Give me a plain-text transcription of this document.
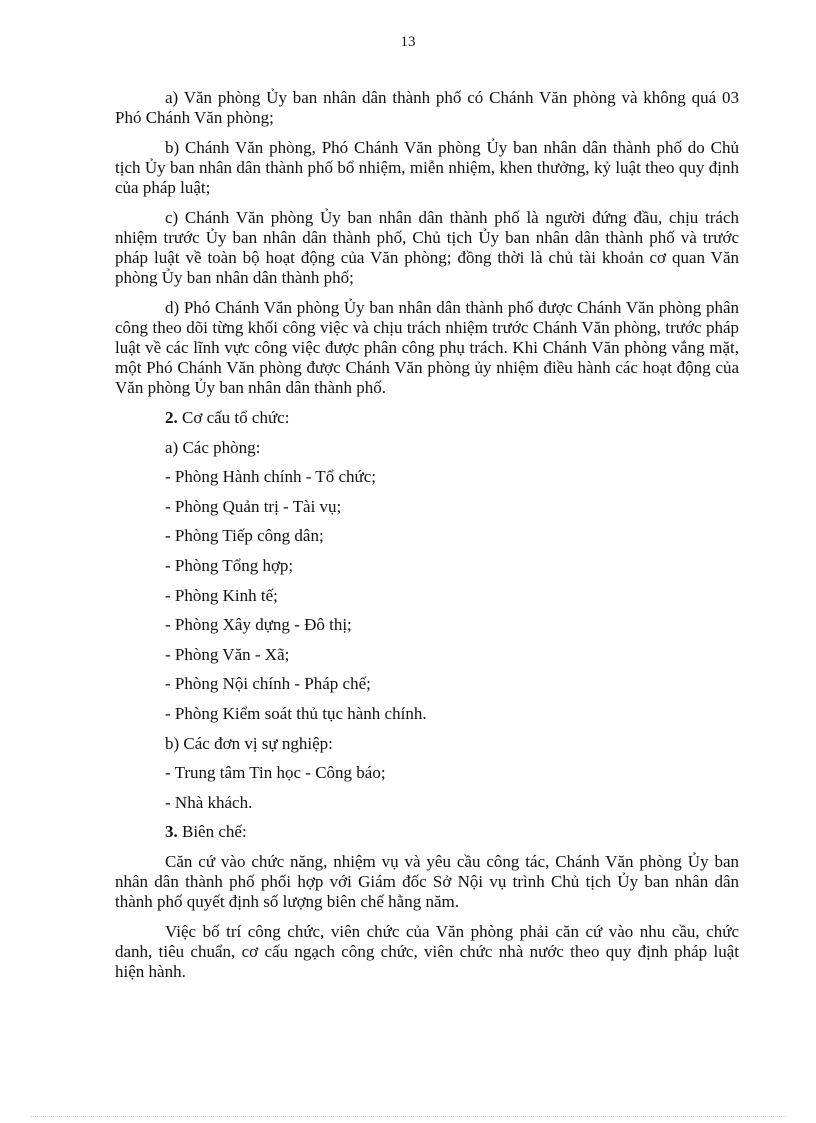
13

a) Văn phòng Ủy ban nhân dân thành phố có Chánh Văn phòng và không quá 03 Phó Chánh Văn phòng;

b) Chánh Văn phòng, Phó Chánh Văn phòng Ủy ban nhân dân thành phố do Chủ tịch Ủy ban nhân dân thành phố bổ nhiệm, miễn nhiệm, khen thưởng, kỷ luật theo quy định của pháp luật;

c) Chánh Văn phòng Ủy ban nhân dân thành phố là người đứng đầu, chịu trách nhiệm trước Ủy ban nhân dân thành phố, Chủ tịch Ủy ban nhân dân thành phố và trước pháp luật về toàn bộ hoạt động của Văn phòng; đồng thời là chủ tài khoản cơ quan Văn phòng Ủy ban nhân dân thành phố;

d) Phó Chánh Văn phòng Ủy ban nhân dân thành phố được Chánh Văn phòng phân công theo dõi từng khối công việc và chịu trách nhiệm trước Chánh Văn phòng, trước pháp luật về các lĩnh vực công việc được phân công phụ trách. Khi Chánh Văn phòng vắng mặt, một Phó Chánh Văn phòng được Chánh Văn phòng ủy nhiệm điều hành các hoạt động của Văn phòng Ủy ban nhân dân thành phố.

2. Cơ cấu tổ chức:
a) Các phòng:
- Phòng Hành chính - Tổ chức;
- Phòng Quản trị - Tài vụ;
- Phòng Tiếp công dân;
- Phòng Tổng hợp;
- Phòng Kinh tế;
- Phòng Xây dựng - Đô thị;
- Phòng Văn - Xã;
- Phòng Nội chính - Pháp chế;
- Phòng Kiểm soát thủ tục hành chính.
b) Các đơn vị sự nghiệp:
- Trung tâm Tin học - Công báo;
- Nhà khách.
3. Biên chế:

Căn cứ vào chức năng, nhiệm vụ và yêu cầu công tác, Chánh Văn phòng Ủy ban nhân dân thành phố phối hợp với Giám đốc Sở Nội vụ trình Chủ tịch Ủy ban nhân dân thành phố quyết định số lượng biên chế hằng năm.

Việc bố trí công chức, viên chức của Văn phòng phải căn cứ vào nhu cầu, chức danh, tiêu chuẩn, cơ cấu ngạch công chức, viên chức nhà nước theo quy định pháp luật hiện hành.
